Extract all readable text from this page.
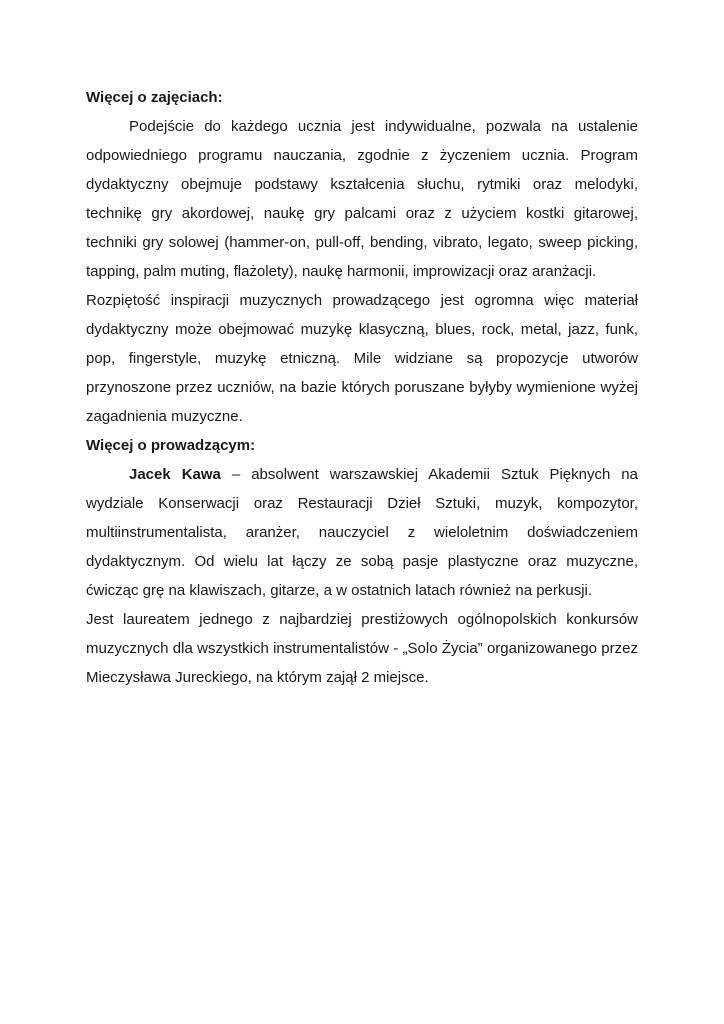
Więcej o zajęciach:

Podejście do każdego ucznia jest indywidualne, pozwala na ustalenie odpowiedniego programu nauczania, zgodnie z życzeniem ucznia. Program dydaktyczny obejmuje podstawy kształcenia słuchu, rytmiki oraz melodyki, technikę gry akordowej, naukę gry palcami oraz z użyciem kostki gitarowej, techniki gry solowej (hammer-on, pull-off, bending, vibrato, legato, sweep picking, tapping, palm muting, flażolety), naukę harmonii, improwizacji oraz aranżacji.

Rozpiętość inspiracji muzycznych prowadzącego jest ogromna więc materiał dydaktyczny może obejmować muzykę klasyczną, blues, rock, metal, jazz, funk, pop, fingerstyle, muzykę etniczną. Mile widziane są propozycje utworów przynoszone przez uczniów, na bazie których poruszane byłyby wymienione wyżej zagadnienia muzyczne.

Więcej o prowadzącym:

Jacek Kawa – absolwent warszawskiej Akademii Sztuk Pięknych na wydziale Konserwacji oraz Restauracji Dzieł Sztuki, muzyk, kompozytor, multiinstrumentalista, aranżer, nauczyciel z wieloletnim doświadczeniem dydaktycznym. Od wielu lat łączy ze sobą pasje plastyczne oraz muzyczne, ćwicząc grę na klawiszach, gitarze, a w ostatnich latach również na perkusji.

Jest laureatem jednego z najbardziej prestiżowych ogólnopolskich konkursów muzycznych dla wszystkich instrumentalistów - „Solo Życia” organizowanego przez Mieczysława Jureckiego, na którym zajął 2 miejsce.
